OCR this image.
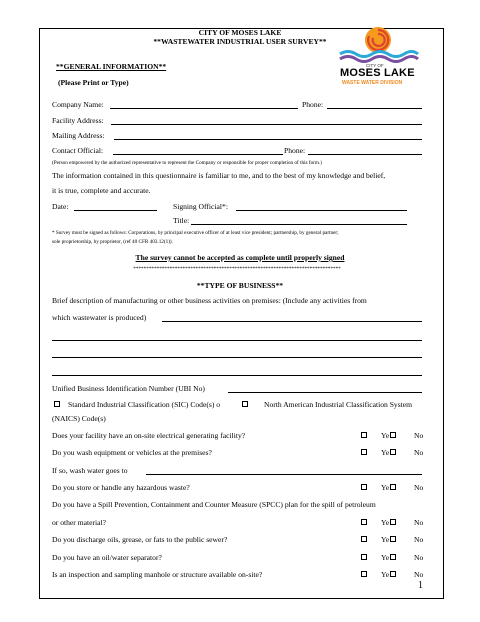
CITY OF MOSES LAKE
**WASTEWATER INDUSTRIAL USER SURVEY**
CITY OF
MOSES LAKE
WASTE WATER DIVISION
**GENERAL INFORMATION**
(Please Print or Type)
Company Name:	Phone:
Facility Address:
Mailing Address:
Contact Official:	Phone:
(Person empowered by the authorized representative to represent the Company or responsible for proper completion of this form.)
The information contained in this questionnaire is familiar to me, and to the best of my knowledge and belief,
it is true, complete and accurate.
Date:	Signing Official*:
Title:
* Survey must be signed as follows: Corporations, by principal executive officer of at least vice president; partnership, by general partner;
sole proprietorship, by proprietor, (ref 40 CFR 403.12(1)).
The survey cannot be accepted as complete until properly signed
********************************************************************************
**TYPE OF BUSINESS**
Brief description of manufacturing or other business activities on premises: (Include any activities from
which wastewater is produced)
Unified Business Identification Number (UBI No)
Standard Industrial Classification (SIC) Code(s) o	North American Industrial Classification System
(NAICS) Code(s)
Does your facility have an on-site electrical generating facility?	Ye	No
Do you wash equipment or vehicles at the premises?	Ye	No
If so, wash water goes to
Do you store or handle any hazardous waste?	Ye	No
Do you have a Spill Prevention, Containment and Counter Measure (SPCC) plan for the spill of petroleum
or other material?	Ye	No
Do you discharge oils, grease, or fats to the public sewer?	Ye	No
Do you have an oil/water separator?	Ye	No
Is an inspection and sampling manhole or structure available on-site?	Ye	No
1
